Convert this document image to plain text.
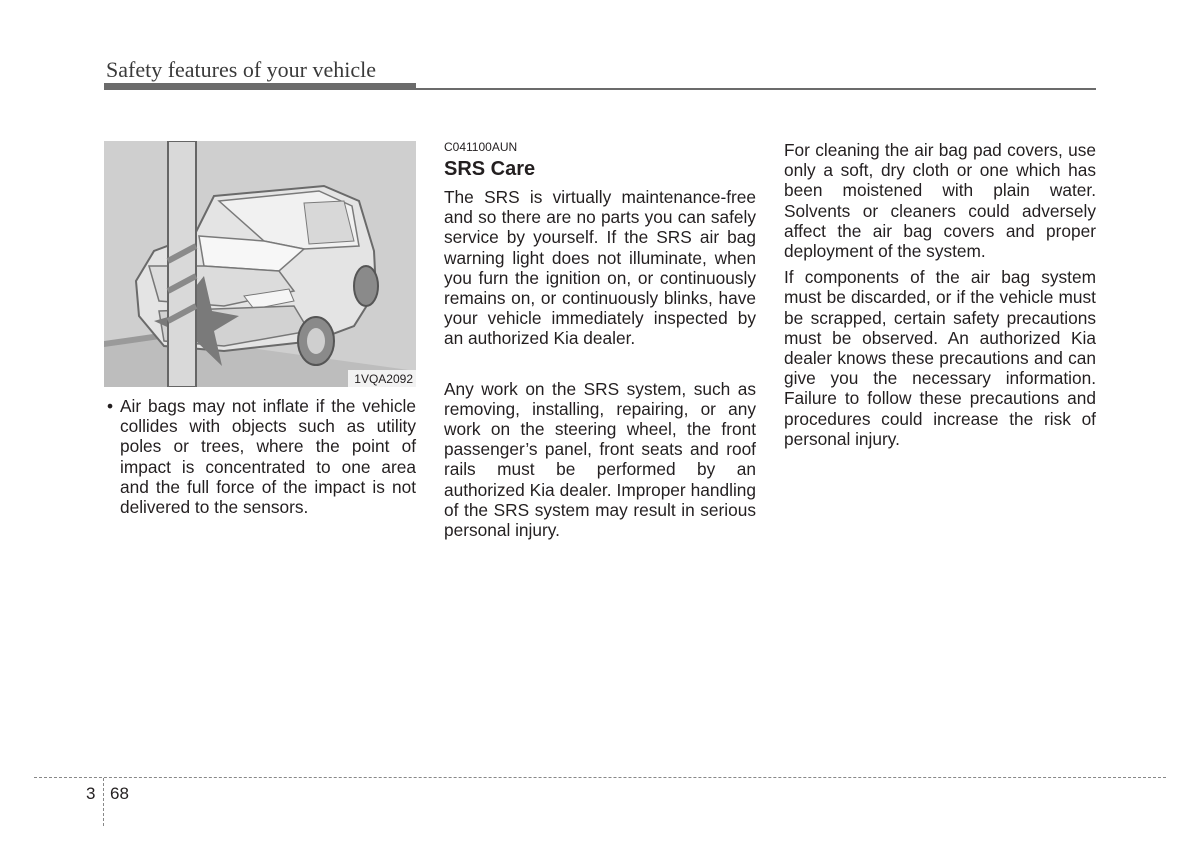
Safety features of your vehicle
1VQA2092
• Air bags may not inflate if the vehicle collides with objects such as utility poles or trees, where the point of impact is concentrated to one area and the full force of the impact is not delivered to the sensors.

C041100AUN
SRS Care

The SRS is virtually maintenance-free and so there are no parts you can safely service by yourself. If the SRS air bag warning light does not illuminate, when you furn the ignition on, or continuously remains on, or continuously blinks, have your vehicle immediately inspected by an authorized Kia dealer.

Any work on the SRS system, such as removing, installing, repairing, or any work on the steering wheel, the front passenger’s panel, front seats and roof rails must be performed by an authorized Kia dealer. Improper handling of the SRS system may result in serious personal injury.

For cleaning the air bag pad covers, use only a soft, dry cloth or one which has been moistened with plain water. Solvents or cleaners could adversely affect the air bag covers and proper deployment of the system.

If components of the air bag system must be discarded, or if the vehicle must be scrapped, certain safety precautions must be observed. An authorized Kia dealer knows these precautions and can give you the necessary information. Failure to follow these precautions and procedures could increase the risk of personal injury.

3 68
